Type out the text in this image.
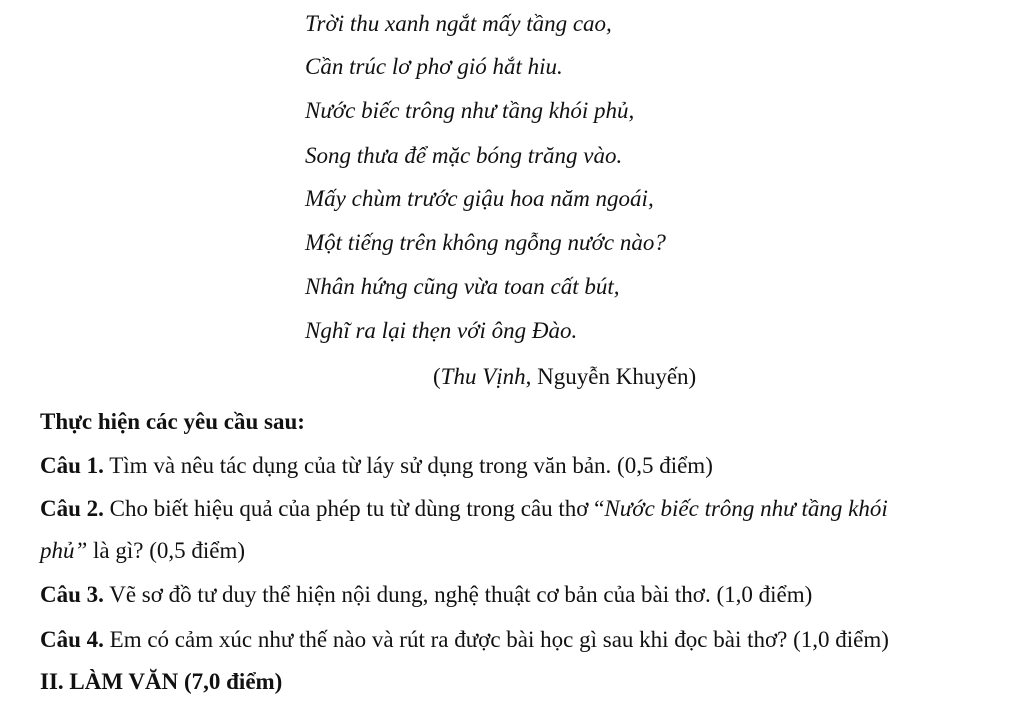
Trời thu xanh ngắt mấy tầng cao,
Cần trúc lơ phơ gió hắt hiu.
Nước biếc trông như tầng khói phủ,
Song thưa để mặc bóng trăng vào.
Mấy chùm trước giậu hoa năm ngoái,
Một tiếng trên không ngỗng nước nào?
Nhân hứng cũng vừa toan cất bút,
Nghĩ ra lại thẹn với ông Đào.
(Thu Vịnh, Nguyễn Khuyến)
Thực hiện các yêu cầu sau:
Câu 1. Tìm và nêu tác dụng của từ láy sử dụng trong văn bản. (0,5 điểm)
Câu 2. Cho biết hiệu quả của phép tu từ dùng trong câu thơ “Nước biếc trông như tầng khói
phủ” là gì? (0,5 điểm)
Câu 3. Vẽ sơ đồ tư duy thể hiện nội dung, nghệ thuật cơ bản của bài thơ. (1,0 điểm)
Câu 4. Em có cảm xúc như thế nào và rút ra được bài học gì sau khi đọc bài thơ? (1,0 điểm)
II. LÀM VĂN (7,0 điểm)
